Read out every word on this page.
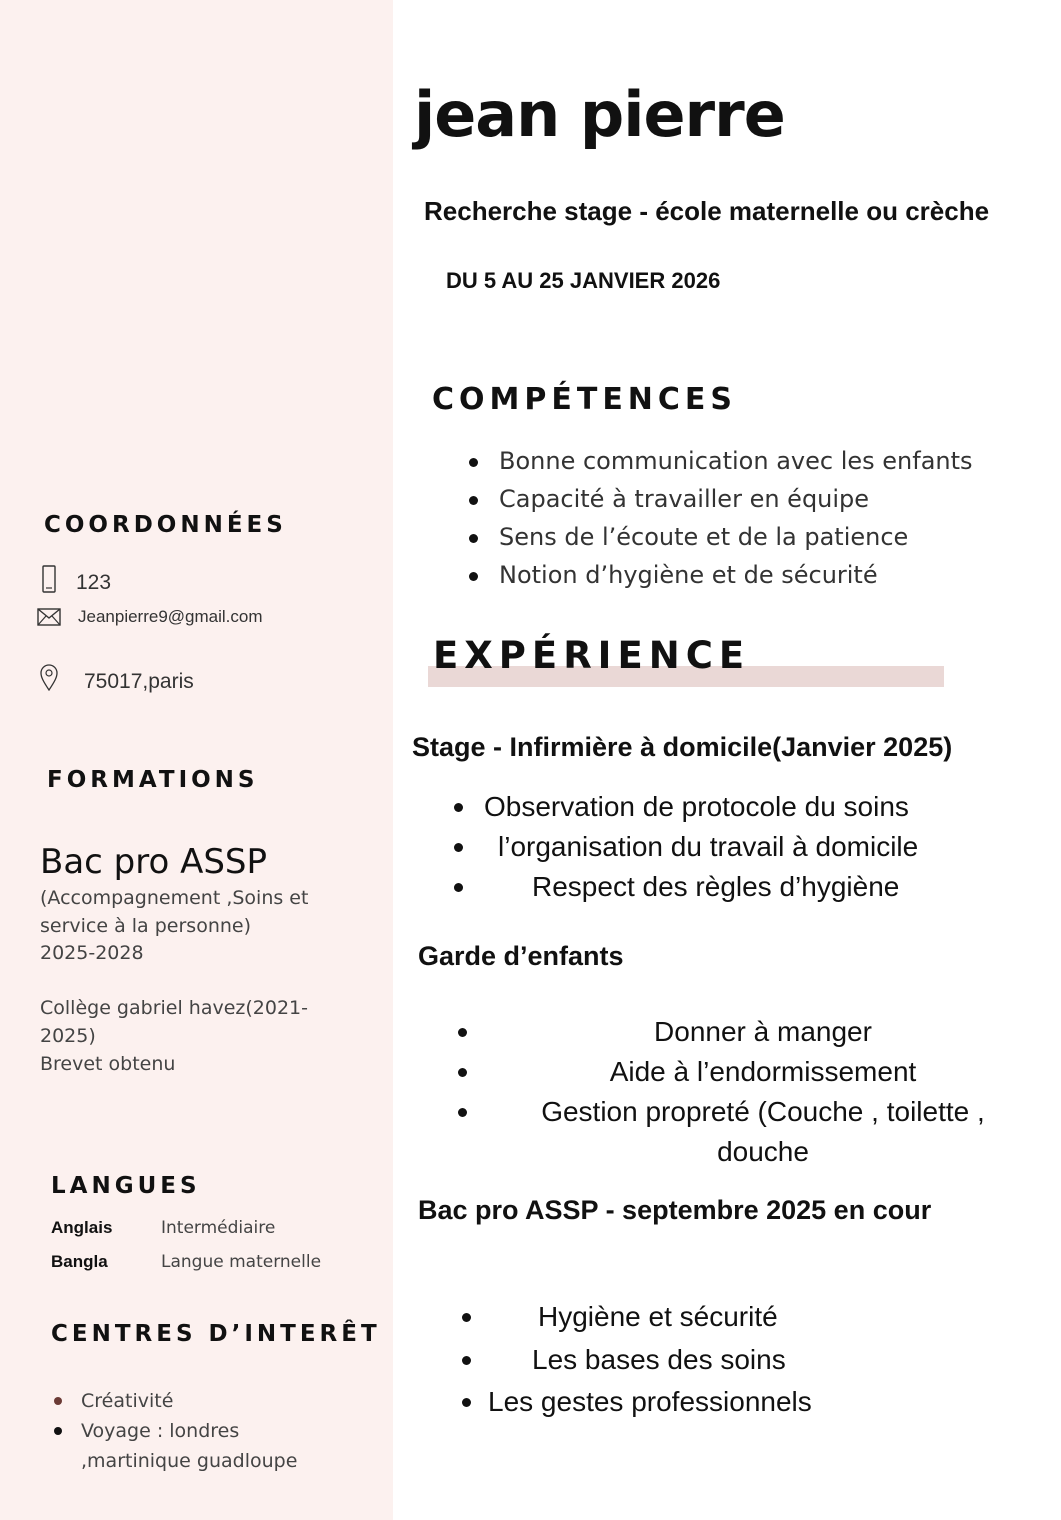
jean pierre
Recherche stage - école maternelle ou crèche
DU 5 AU 25 JANVIER 2026
COORDONNÉES
123
Jeanpierre9@gmail.com
75017,paris
FORMATIONS
Bac pro ASSP
(Accompagnement ,Soins et
service à la personne)
2025-2028
Collège gabriel havez(2021-
2025)
Brevet obtenu
LANGUES
Anglais	Intermédiaire
Bangla	Langue maternelle
CENTRES D’INTERÊT
Créativité
Voyage : londres
,martinique guadloupe
COMPÉTENCES
Bonne communication avec les enfants
Capacité à travailler en équipe
Sens de l’écoute et de la patience
Notion d’hygiène et de sécurité
EXPÉRIENCE
Stage - Infirmière à domicile(Janvier 2025)
Observation de protocole du soins
l’organisation du travail à domicile
Respect des règles d’hygiène
Garde d’enfants
Donner à manger
Aide à l’endormissement
Gestion propreté (Couche , toilette ,
douche
Bac pro ASSP - septembre 2025 en cour
Hygiène et sécurité
Les bases des soins
Les gestes professionnels
